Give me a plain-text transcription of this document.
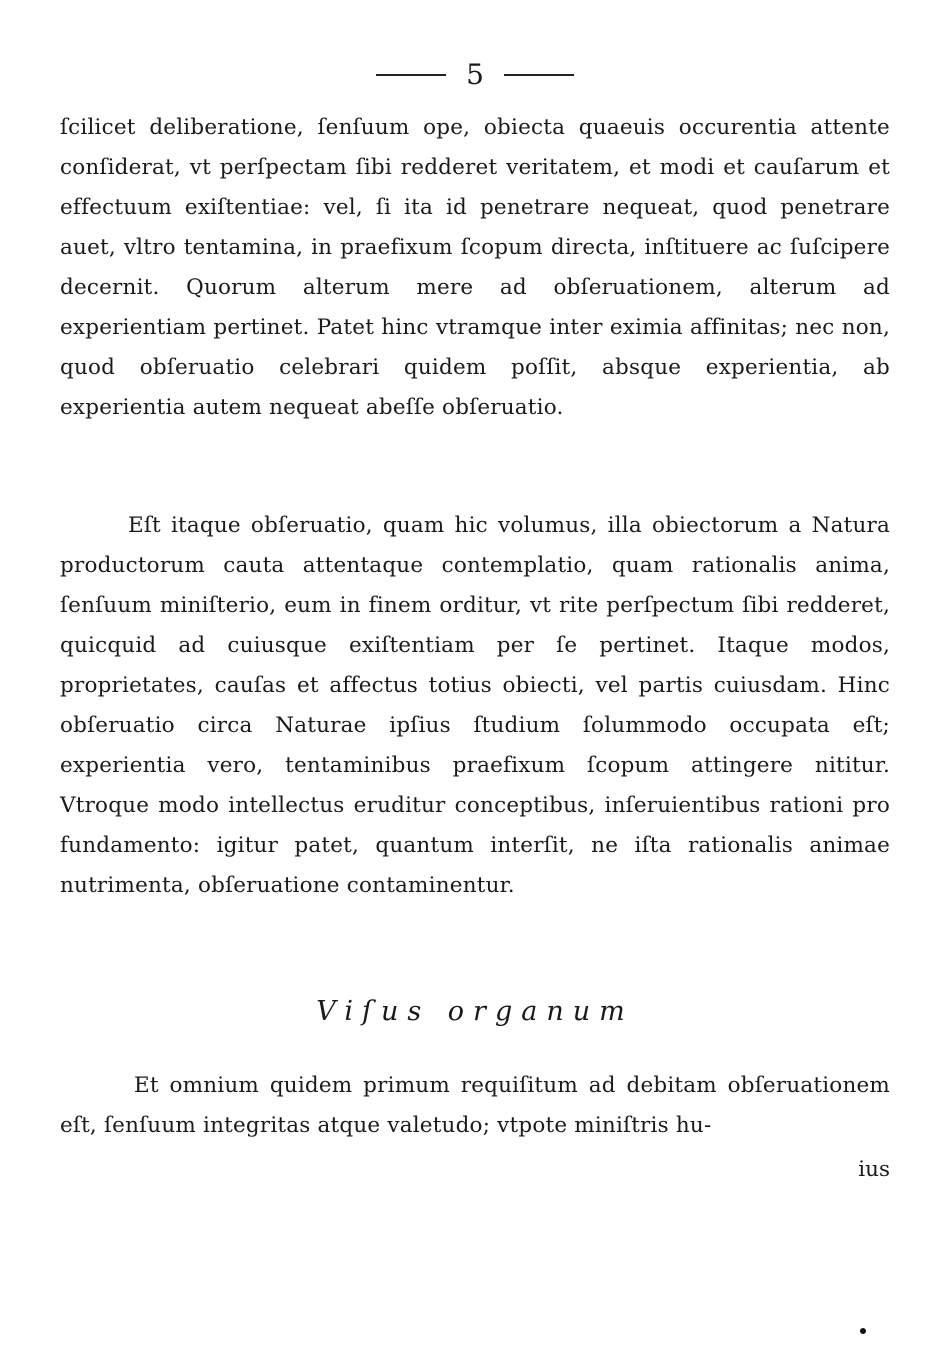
5

ſcilicet deliberatione, ſenſuum ope, obiecta quaeuis occurentia attente conſiderat, vt perſpectam ſibi redderet veritatem, et modi et cauſarum et effectuum exiſtentiae: vel, ſi ita id penetrare nequeat, quod penetrare auet, vltro tentamina, in praefixum ſcopum directa, inſtituere ac ſuſcipere decernit. Quorum alterum mere ad obſeruationem, alterum ad experientiam pertinet. Patet hinc vtramque inter eximia affinitas; nec non, quod obſeruatio celebrari quidem poſſit, absque experientia, ab experientia autem nequeat abeſſe obſeruatio.

Eſt itaque obſeruatio, quam hic volumus, illa obiectorum a Natura productorum cauta attentaque contemplatio, quam rationalis anima, ſenſuum miniſterio, eum in finem orditur, vt rite perſpectum ſibi redderet, quicquid ad cuiusque exiſtentiam per ſe pertinet. Itaque modos, proprietates, cauſas et affectus totius obiecti, vel partis cuiusdam. Hinc obſeruatio circa Naturae ipſius ſtudium ſolummodo occupata eſt; experientia vero, tentaminibus praefixum ſcopum attingere nititur. Vtroque modo intellectus eruditur conceptibus, inſeruientibus rationi pro fundamento: igitur patet, quantum interſit, ne iſta rationalis animae nutrimenta, obſeruatione contaminentur.

Viſus organum

Et omnium quidem primum requiſitum ad debitam obſeruationem eſt, ſenſuum integritas atque valetudo; vtpote miniſtris hu-

ius
